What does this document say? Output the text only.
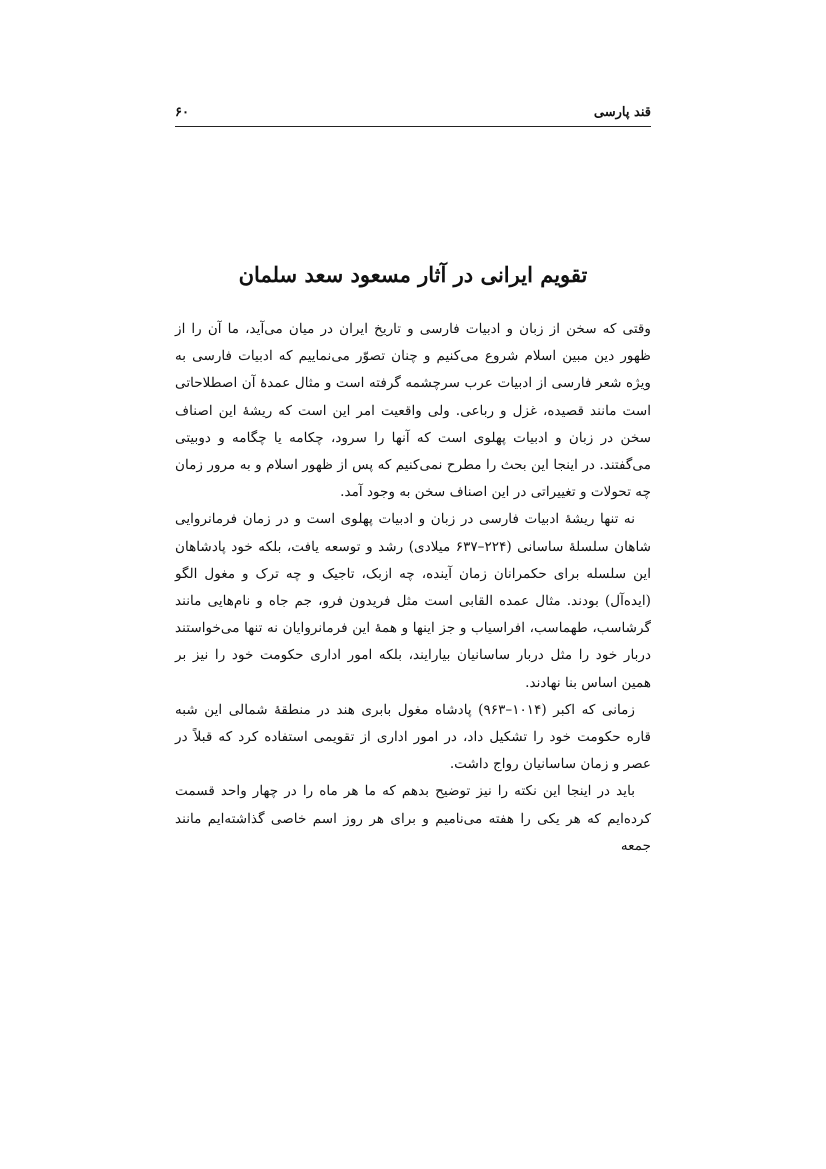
قند پارسی
۶۰
تقویم ایرانی در آثار مسعود سعد سلمان

وقتی که سخن از زبان و ادبیات فارسی و تاریخ ایران در میان می‌آید، ما آن را از ظهور دین مبین اسلام شروع می‌کنیم و چنان تصوّر می‌نماییم که ادبیات فارسی به ویژه شعر فارسی از ادبیات عرب سرچشمه گرفته است و مثال عمدهٔ آن اصطلاحاتی است مانند قصیده، غزل و رباعی. ولی واقعیت امر این است که ریشهٔ این اصناف سخن در زبان و ادبیات پهلوی است که آنها را سرود، چکامه یا چگامه و دوبیتی می‌گفتند. در اینجا این بحث را مطرح نمی‌کنیم که پس از ظهور اسلام و به مرور زمان چه تحولات و تغییراتی در این اصناف سخن به وجود آمد.

نه تنها ریشهٔ ادبیات فارسی در زبان و ادبیات پهلوی است و در زمان فرمانروایی شاهان سلسلهٔ ساسانی (۲۲۴–۶۳۷ میلادی) رشد و توسعه یافت، بلکه خود پادشاهان این سلسله برای حکمرانان زمان آینده، چه ازبک، تاجیک و چه ترک و مغول الگو (ایده‌آل) بودند. مثال عمده القابی است مثل فریدون فرو، جم جاه و نام‌هایی مانند گرشاسب، طهماسب، افراسیاب و جز اینها و همهٔ این فرمانروایان نه تنها می‌خواستند دربار خود را مثل دربار ساسانیان بیارایند، بلکه امور اداری حکومت خود را نیز بر همین اساس بنا نهادند.

زمانی که اکبر (۱۰۱۴–۹۶۳) پادشاه مغول بابری هند در منطقهٔ شمالی این شبه قاره حکومت خود را تشکیل داد، در امور اداری از تقویمی استفاده کرد که قبلاً در عصر و زمان ساسانیان رواج داشت.

باید در اینجا این نکته را نیز توضیح بدهم که ما هر ماه را در چهار واحد قسمت کرده‌ایم که هر یکی را هفته می‌نامیم و برای هر روز اسم خاصی گذاشته‌ایم مانند جمعه
